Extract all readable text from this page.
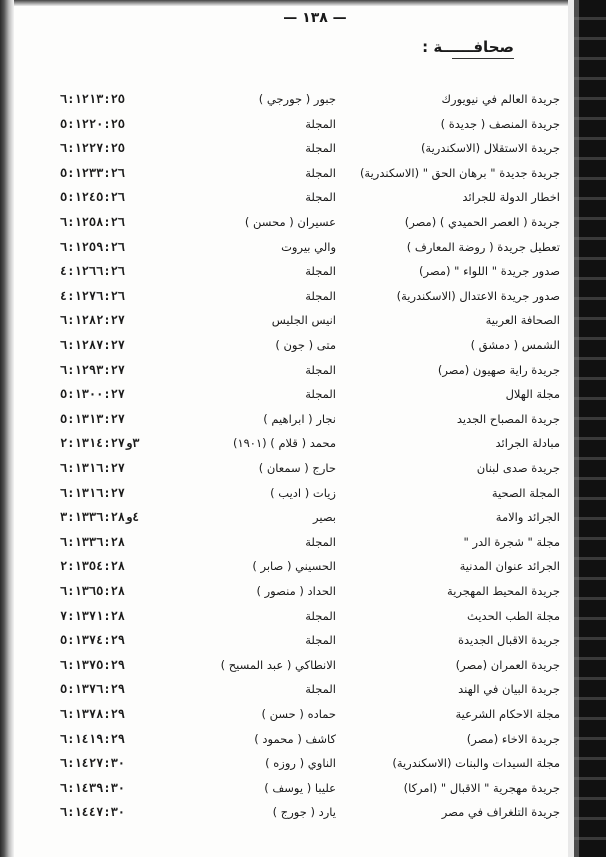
— ١٣٨ —
صحافــــــة :
جريدة العالم في نيويورك
جبور ( جورجي )
٦:١٢١٣:٢٥
جريدة المنصف ( جديدة )
المجلة
٥:١٢٢٠:٢٥
جريدة الاستقلال (الاسكندرية)
المجلة
٦:١٢٢٧:٢٥
جريدة جديدة " برهان الحق " (الاسكندرية)
المجلة
٥:١٢٣٣:٢٦
اخطار الدولة للجرائد
المجلة
٥:١٢٤٥:٢٦
جريدة ( العصر الحميدي ) (مصر)
عسيران ( محسن )
٦:١٢٥٨:٢٦
تعطيل جريدة ( روضة المعارف )
والي بيروت
٦:١٢٥٩:٢٦
صدور جريدة " اللواء " (مصر)
المجلة
٤:١٢٦٦:٢٦
صدور جريدة الاعتدال (الاسكندرية)
المجلة
٤:١٢٧٦:٢٦
الصحافة العربية
انيس الجليس
٦:١٢٨٢:٢٧
الشمس ( دمشق )
متى ( جون )
٦:١٢٨٧:٢٧
جريدة راية صهيون (مصر)
المجلة
٦:١٢٩٣:٢٧
مجلة الهلال
المجلة
٥:١٣٠٠:٢٧
جريدة المصباح الجديد
نجار ( ابراهيم )
٥:١٣١٣:٢٧
مبادلة الجرائد
محمد ( قلام ) (١٩٠١)
٣و٢:١٣١٤:٢٧
جريدة صدى لبنان
حارج ( سمعان )
٦:١٣١٦:٢٧
المجلة الصحية
زيات ( اديب )
٦:١٣١٦:٢٧
الجرائد والامة
بصير
٤و٣:١٣٣٦:٢٨
مجلة " شجرة الدر "
المجلة
٦:١٣٣٦:٢٨
الجرائد عنوان المدنية
الحسيني ( صابر )
٢:١٣٥٤:٢٨
جريدة المحيط المهجرية
الحداد ( منصور )
٦:١٣٦٥:٢٨
مجلة الطب الحديث
المجلة
٧:١٣٧١:٢٨
جريدة الاقبال الجديدة
المجلة
٥:١٣٧٤:٢٩
جريدة العمران (مصر)
الانطاكي ( عبد المسيح )
٦:١٣٧٥:٢٩
جريدة البيان في الهند
المجلة
٥:١٣٧٦:٢٩
مجلة الاحكام الشرعية
حماده ( حسن )
٦:١٣٧٨:٢٩
جريدة الاخاء (مصر)
كاشف ( محمود )
٦:١٤١٩:٢٩
مجلة السيدات والبنات (الاسكندرية)
الناوي ( روزه )
٦:١٤٢٧:٣٠
جريدة مهجرية " الاقبال " (امركا)
عليبا ( يوسف )
٦:١٤٣٩:٣٠
جريدة التلغراف في مصر
يارد ( جورج )
٦:١٤٤٧:٣٠
